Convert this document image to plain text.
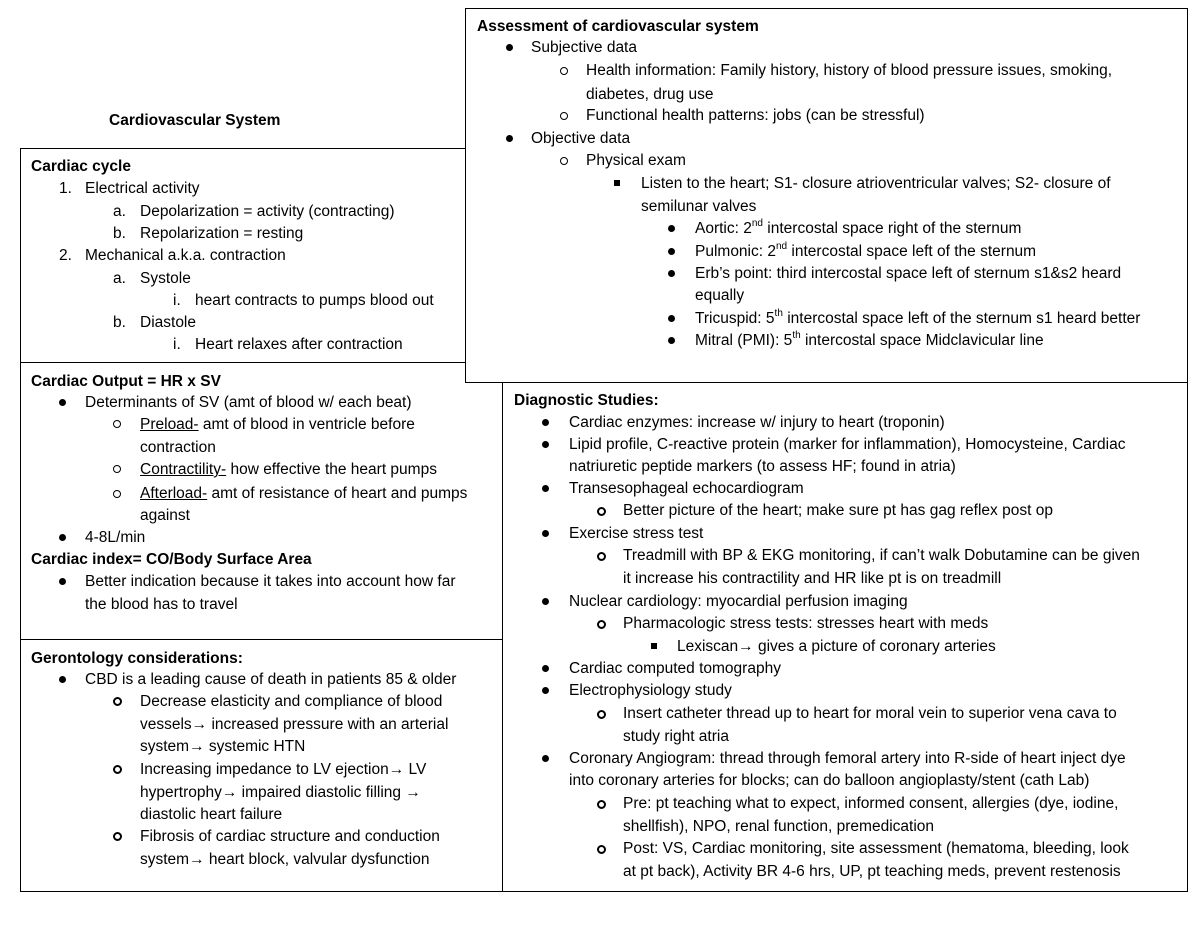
Cardiovascular System
Cardiac cycle
1. Electrical activity
a. Depolarization = activity (contracting)
b. Repolarization = resting
2. Mechanical a.k.a. contraction
a. Systole
i. heart contracts to pumps blood out
b. Diastole
i. Heart relaxes after contraction
Cardiac Output = HR x SV
Determinants of SV (amt of blood w/ each beat)
Preload- amt of blood in ventricle before
contraction
Contractility- how effective the heart pumps
Afterload- amt of resistance of heart and pumps
against
4-8L/min
Cardiac index= CO/Body Surface Area
Better indication because it takes into account how far
the blood has to travel
Gerontology considerations:
CBD is a leading cause of death in patients 85 & older
Decrease elasticity and compliance of blood
vessels→ increased pressure with an arterial
system→ systemic HTN
Increasing impedance to LV ejection→ LV
hypertrophy→ impaired diastolic filling →
diastolic heart failure
Fibrosis of cardiac structure and conduction
system→ heart block, valvular dysfunction
Diagnostic Studies:
Cardiac enzymes: increase w/ injury to heart (troponin)
Lipid profile, C-reactive protein (marker for inflammation), Homocysteine, Cardiac
natriuretic peptide markers (to assess HF; found in atria)
Transesophageal echocardiogram
Better picture of the heart; make sure pt has gag reflex post op
Exercise stress test
Treadmill with BP & EKG monitoring, if can’t walk Dobutamine can be given
it increase his contractility and HR like pt is on treadmill
Nuclear cardiology: myocardial perfusion imaging
Pharmacologic stress tests: stresses heart with meds
Lexiscan→ gives a picture of coronary arteries
Cardiac computed tomography
Electrophysiology study
Insert catheter thread up to heart for moral vein to superior vena cava to
study right atria
Coronary Angiogram: thread through femoral artery into R-side of heart inject dye
into coronary arteries for blocks; can do balloon angioplasty/stent (cath Lab)
Pre: pt teaching what to expect, informed consent, allergies (dye, iodine,
shellfish), NPO, renal function, premedication
Post: VS, Cardiac monitoring, site assessment (hematoma, bleeding, look
at pt back), Activity BR 4-6 hrs, UP, pt teaching meds, prevent restenosis
Assessment of cardiovascular system
Subjective data
Health information: Family history, history of blood pressure issues, smoking,
diabetes, drug use
Functional health patterns: jobs (can be stressful)
Objective data
Physical exam
Listen to the heart; S1- closure atrioventricular valves; S2- closure of
semilunar valves
Aortic: 2nd intercostal space right of the sternum
Pulmonic: 2nd intercostal space left of the sternum
Erb’s point: third intercostal space left of sternum s1&s2 heard
equally
Tricuspid: 5th intercostal space left of the sternum s1 heard better
Mitral (PMI): 5th intercostal space Midclavicular line
